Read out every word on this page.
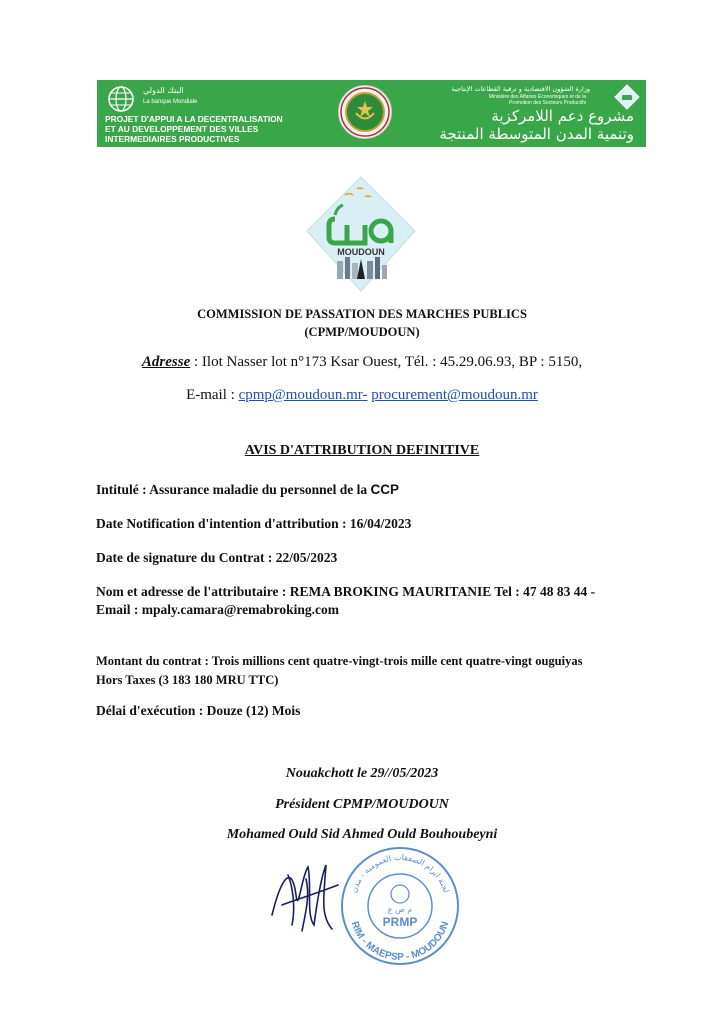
البنك الدولي
La banque Mondiale
PROJET D'APPUI A LA DECENTRALISATION
ET AU DEVELOPPEMENT DES VILLES
INTERMEDIAIRES PRODUCTIVES
وزارة الشؤون الاقتصادية و ترقية القطاعات الإنتاجية
Ministère des Affaires Economiques et de la
Promotion des Secteurs Productifs
مشروع دعم اللامركزية
وتنمية المدن المتوسطة المنتجة
MOUDOUN
COMMISSION DE PASSATION DES MARCHES PUBLICS
(CPMP/MOUDOUN)
Adresse : Ilot Nasser lot n°173 Ksar Ouest, Tél. : 45.29.06.93, BP : 5150,
E-mail : cpmp@moudoun.mr- procurement@moudoun.mr
AVIS D'ATTRIBUTION DEFINITIVE
Intitulé : Assurance maladie du personnel de la CCP
Date Notification d'intention d'attribution : 16/04/2023
Date de signature du Contrat : 22/05/2023
Nom et adresse de l'attributaire : REMA BROKING MAURITANIE Tel : 47 48 83 44 -
Email : mpaly.camara@remabroking.com
Montant du contrat : Trois millions cent quatre-vingt-trois mille cent quatre-vingt ouguiyas
Hors Taxes (3 183 180 MRU TTC)
Délai d'exécution : Douze (12) Mois
Nouakchott le 29//05/2023
Président CPMP/MOUDOUN
Mohamed Ould Sid Ahmed Ould Bouhoubeyni
لجنة ابرام الصفقات العمومية - مدن
RIM - MAEPSP - MOUDOUN
م ص ع
PRMP
